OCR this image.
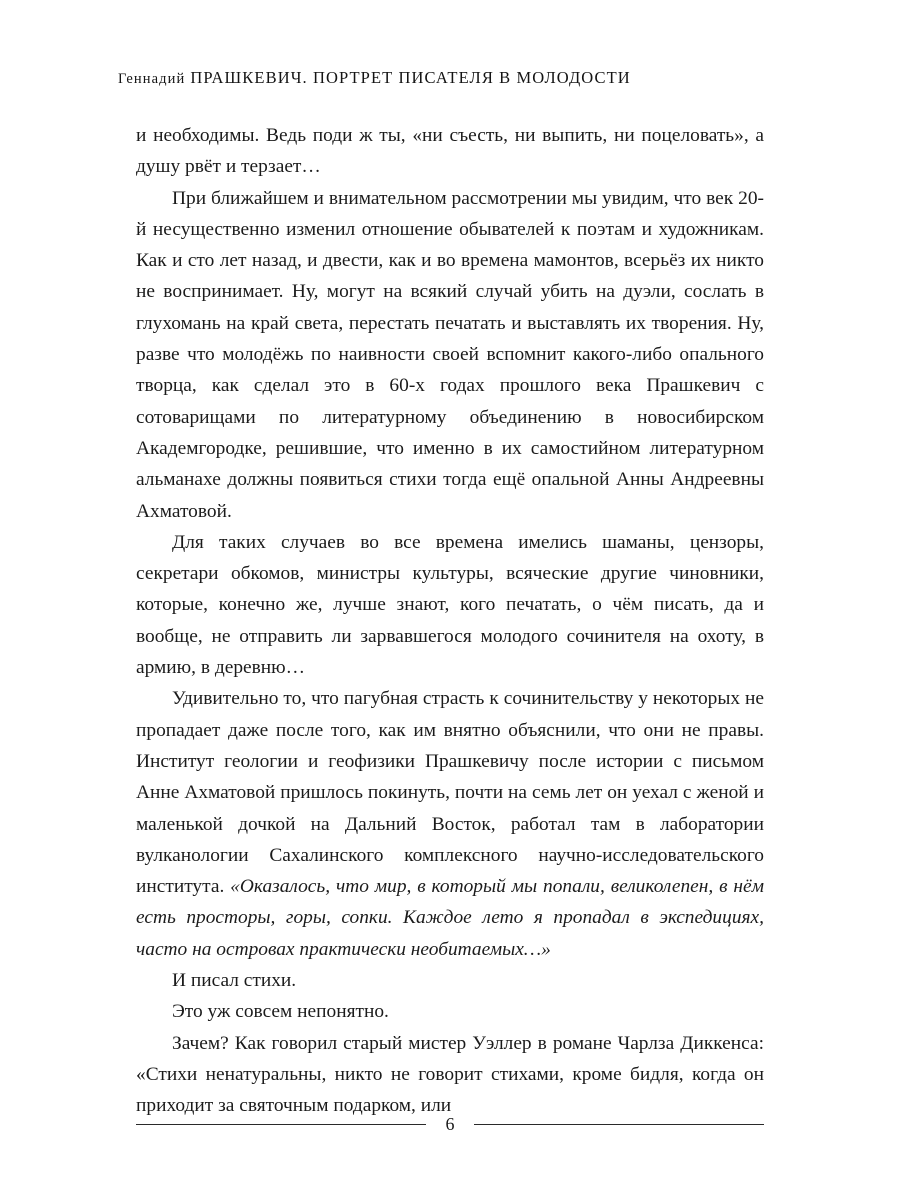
Геннадий ПРАШКЕВИЧ. ПОРТРЕТ ПИСАТЕЛЯ В МОЛОДОСТИ

и необходимы. Ведь поди ж ты, «ни съесть, ни выпить, ни поцеловать», а душу рвёт и терзает…

При ближайшем и внимательном рассмотрении мы увидим, что век 20-й несущественно изменил отношение обывателей к поэтам и художникам. Как и сто лет назад, и двести, как и во времена мамонтов, всерьёз их никто не воспринимает. Ну, могут на всякий случай убить на дуэли, сослать в глухомань на край света, перестать печатать и выставлять их творения. Ну, разве что молодёжь по наивности своей вспомнит какого-либо опального творца, как сделал это в 60-х годах прошлого века Прашкевич с сотоварищами по литературному объединению в новосибирском Академгородке, решившие, что именно в их самостийном литературном альманахе должны появиться стихи тогда ещё опальной Анны Андреевны Ахматовой.

Для таких случаев во все времена имелись шаманы, цензоры, секретари обкомов, министры культуры, всяческие другие чиновники, которые, конечно же, лучше знают, кого печатать, о чём писать, да и вообще, не отправить ли зарвавшегося молодого сочинителя на охоту, в армию, в деревню…

Удивительно то, что пагубная страсть к сочинительству у некоторых не пропадает даже после того, как им внятно объяснили, что они не правы. Институт геологии и геофизики Прашкевичу после истории с письмом Анне Ахматовой пришлось покинуть, почти на семь лет он уехал с женой и маленькой дочкой на Дальний Восток, работал там в лаборатории вулканологии Сахалинского комплексного научно-исследовательского института. «Оказалось, что мир, в который мы попали, великолепен, в нём есть просторы, горы, сопки. Каждое лето я пропадал в экспедициях, часто на островах практически необитаемых…»

И писал стихи.

Это уж совсем непонятно.

Зачем? Как говорил старый мистер Уэллер в романе Чарлза Диккенса: «Стихи ненатуральны, никто не говорит стихами, кроме бидля, когда он приходит за святочным подарком, или

6
